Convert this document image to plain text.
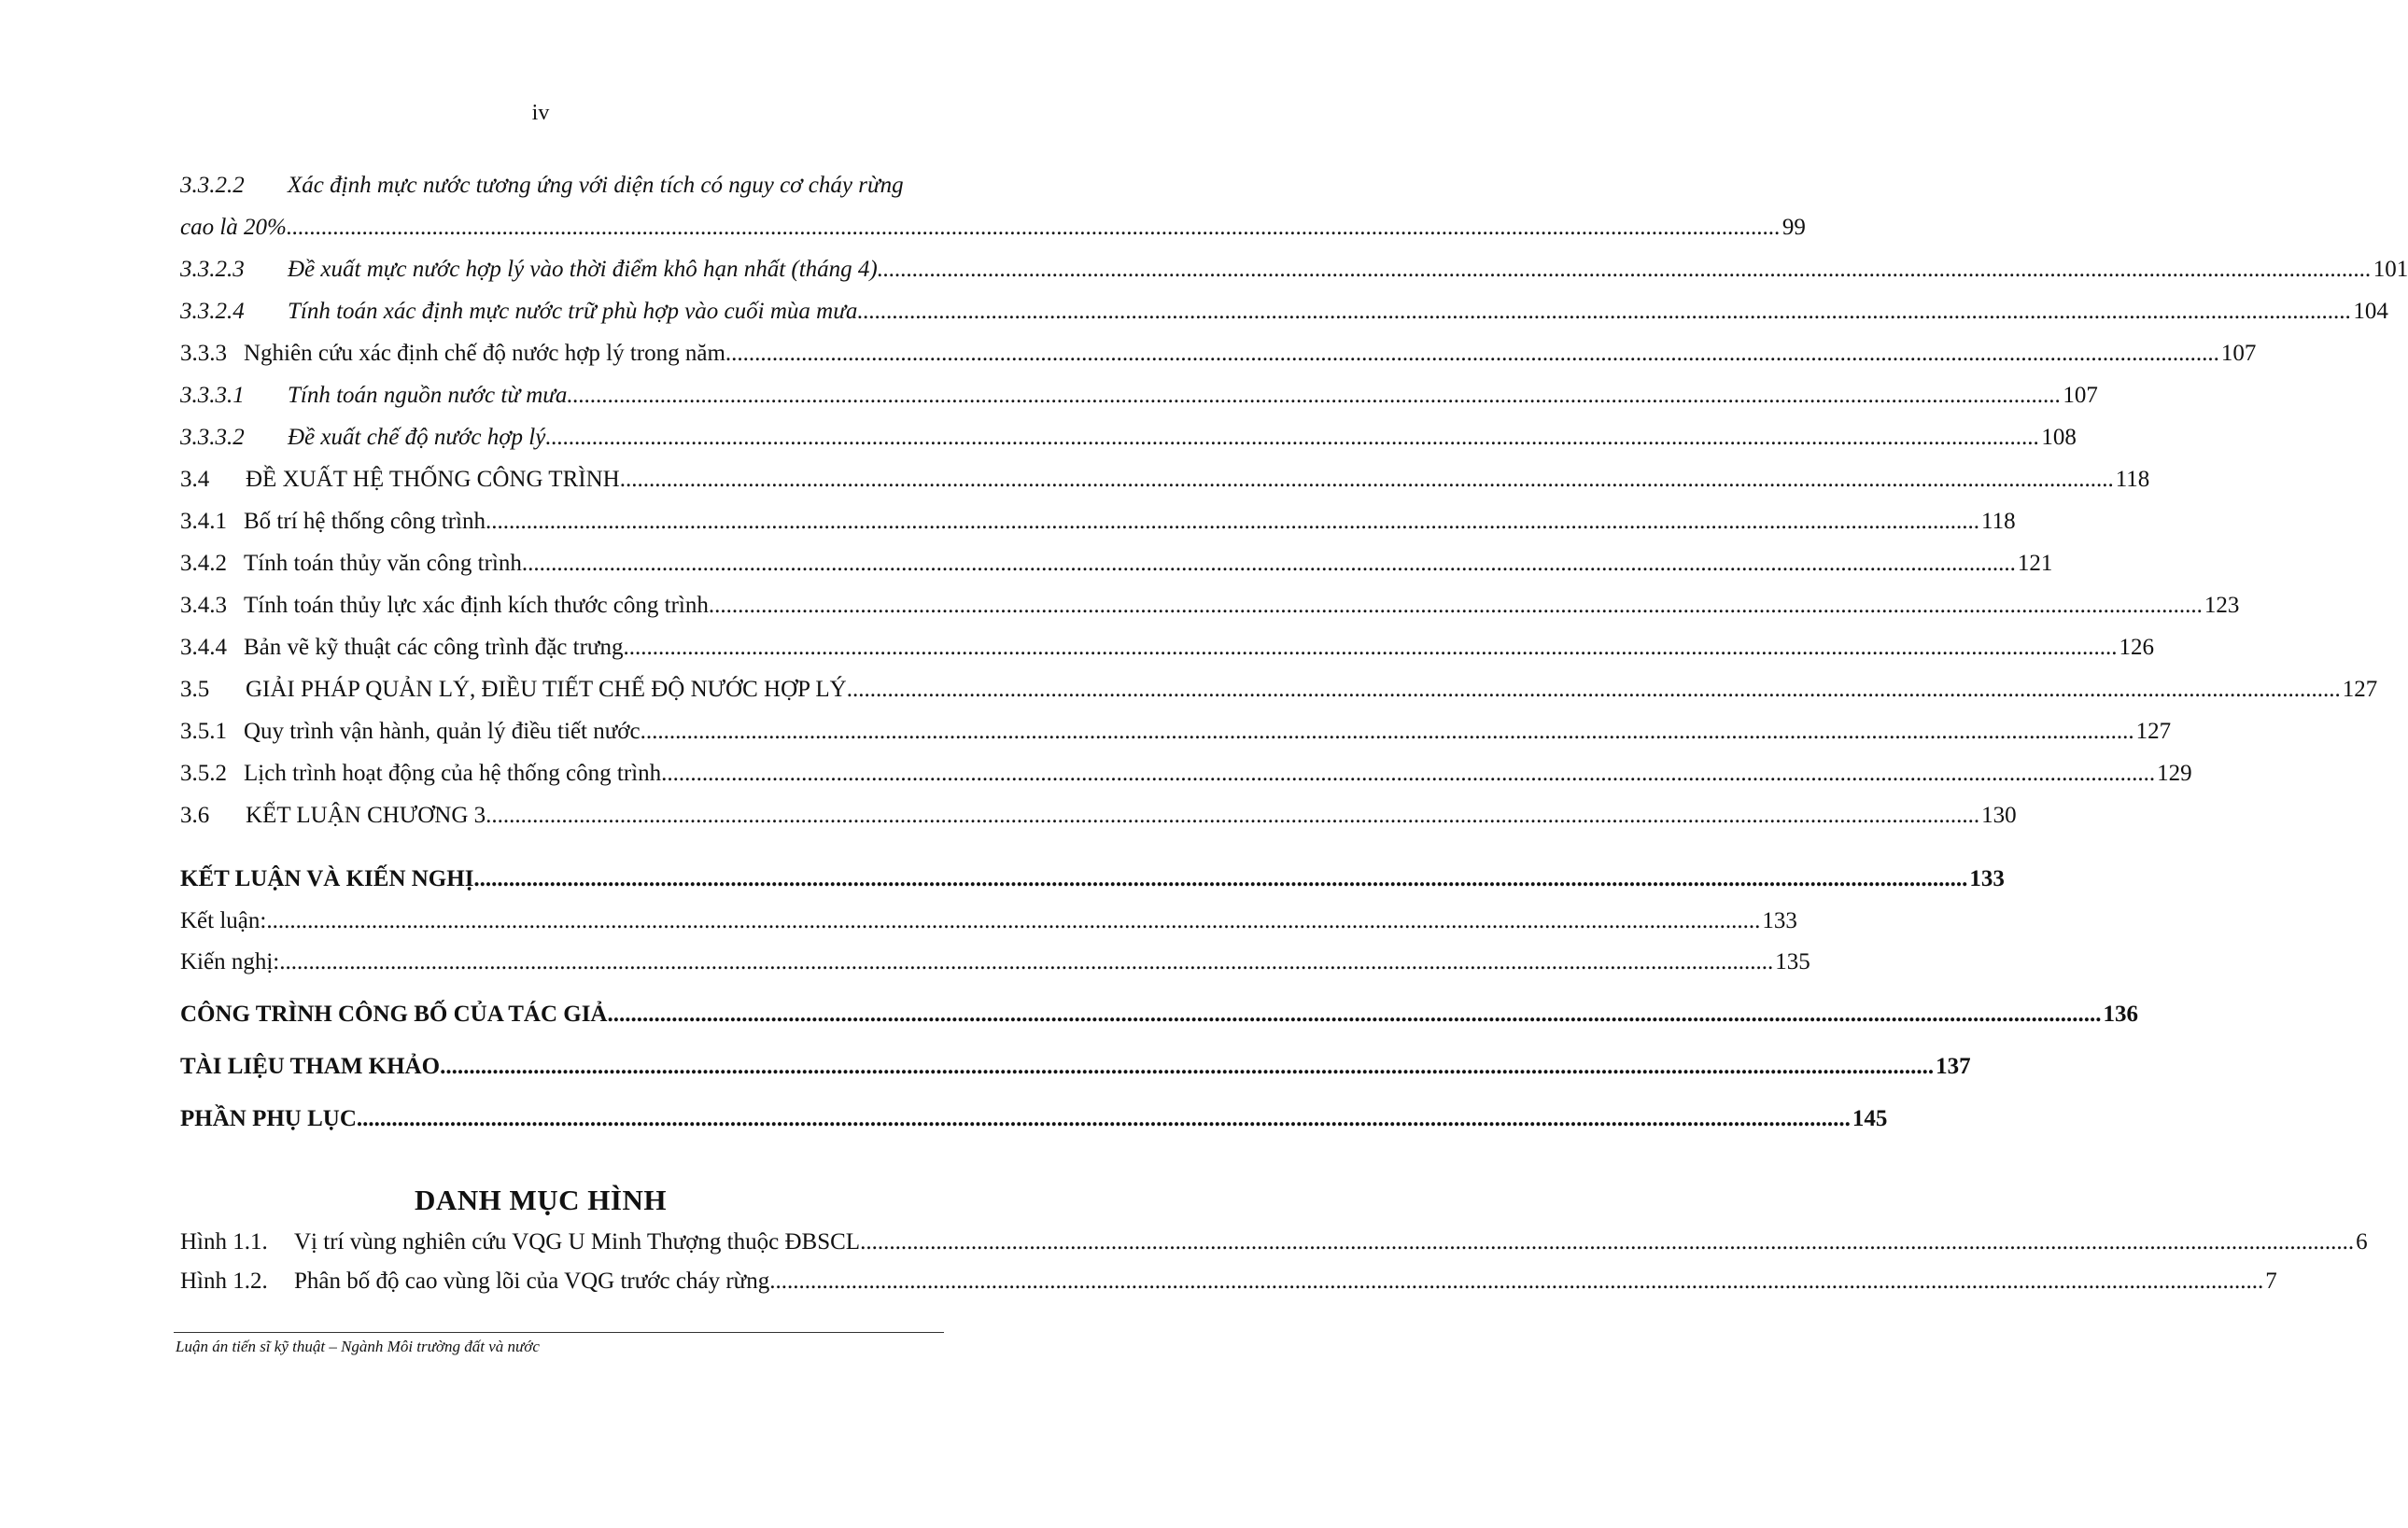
iv
3.3.2.2	Xác định mực nước tương ứng với diện tích có nguy cơ cháy rừng
cao là 20% .....	99
3.3.2.3	Đề xuất mực nước hợp lý vào thời điểm khô hạn nhất (tháng 4) .....	101
3.3.2.4	Tính toán xác định mực nước trữ phù hợp vào cuối mùa mưa .....	104
3.3.3 Nghiên cứu xác định chế độ nước hợp lý trong năm .....	107
3.3.3.1	Tính toán nguồn nước từ mưa .....	107
3.3.3.2	Đề xuất chế độ nước hợp lý .....	108
3.4	ĐỀ XUẤT HỆ THỐNG CÔNG TRÌNH .....	118
3.4.1 Bố trí hệ thống công trình .....	118
3.4.2 Tính toán thủy văn công trình .....	121
3.4.3 Tính toán thủy lực xác định kích thước công trình .....	123
3.4.4 Bản vẽ kỹ thuật các công trình đặc trưng .....	126
3.5	GIẢI PHÁP QUẢN LÝ, ĐIỀU TIẾT CHẾ ĐỘ NƯỚC HỢP LÝ .....	127
3.5.1 Quy trình vận hành, quản lý điều tiết nước .....	127
3.5.2 Lịch trình hoạt động của hệ thống công trình .....	129
3.6	KẾT LUẬN CHƯƠNG 3 .....	130
KẾT LUẬN VÀ KIẾN NGHỊ .....	133
Kết luận: .....	133
Kiến nghị: .....	135
CÔNG TRÌNH CÔNG BỐ CỦA TÁC GIẢ .....	136
TÀI LIỆU THAM KHẢO .....	137
PHẦN PHỤ LỤC .....	145
Hình 1.1.	Vị trí vùng nghiên cứu VQG U Minh Thượng thuộc ĐBSCL .....	6
Hình 1.2.	Phân bố độ cao vùng lõi của VQG trước cháy rừng .....	7
DANH MỤC HÌNH
Luận án tiến sĩ kỹ thuật – Ngành Môi trường đất và nước
